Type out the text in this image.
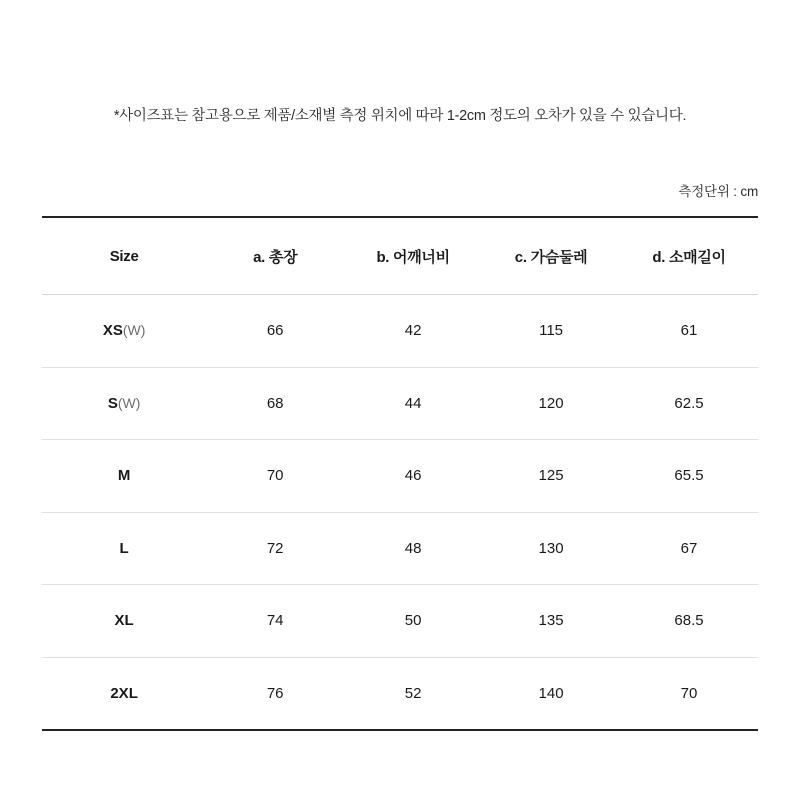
*사이즈표는 참고용으로 제품/소재별 측정 위치에 따라 1-2cm 정도의 오차가 있을 수 있습니다.
측정단위 : cm
Size	a. 총장	b. 어깨너비	c. 가슴둘레	d. 소매길이
XS(W)	66	42	115	61
S(W)	68	44	120	62.5
M	70	46	125	65.5
L	72	48	130	67
XL	74	50	135	68.5
2XL	76	52	140	70
